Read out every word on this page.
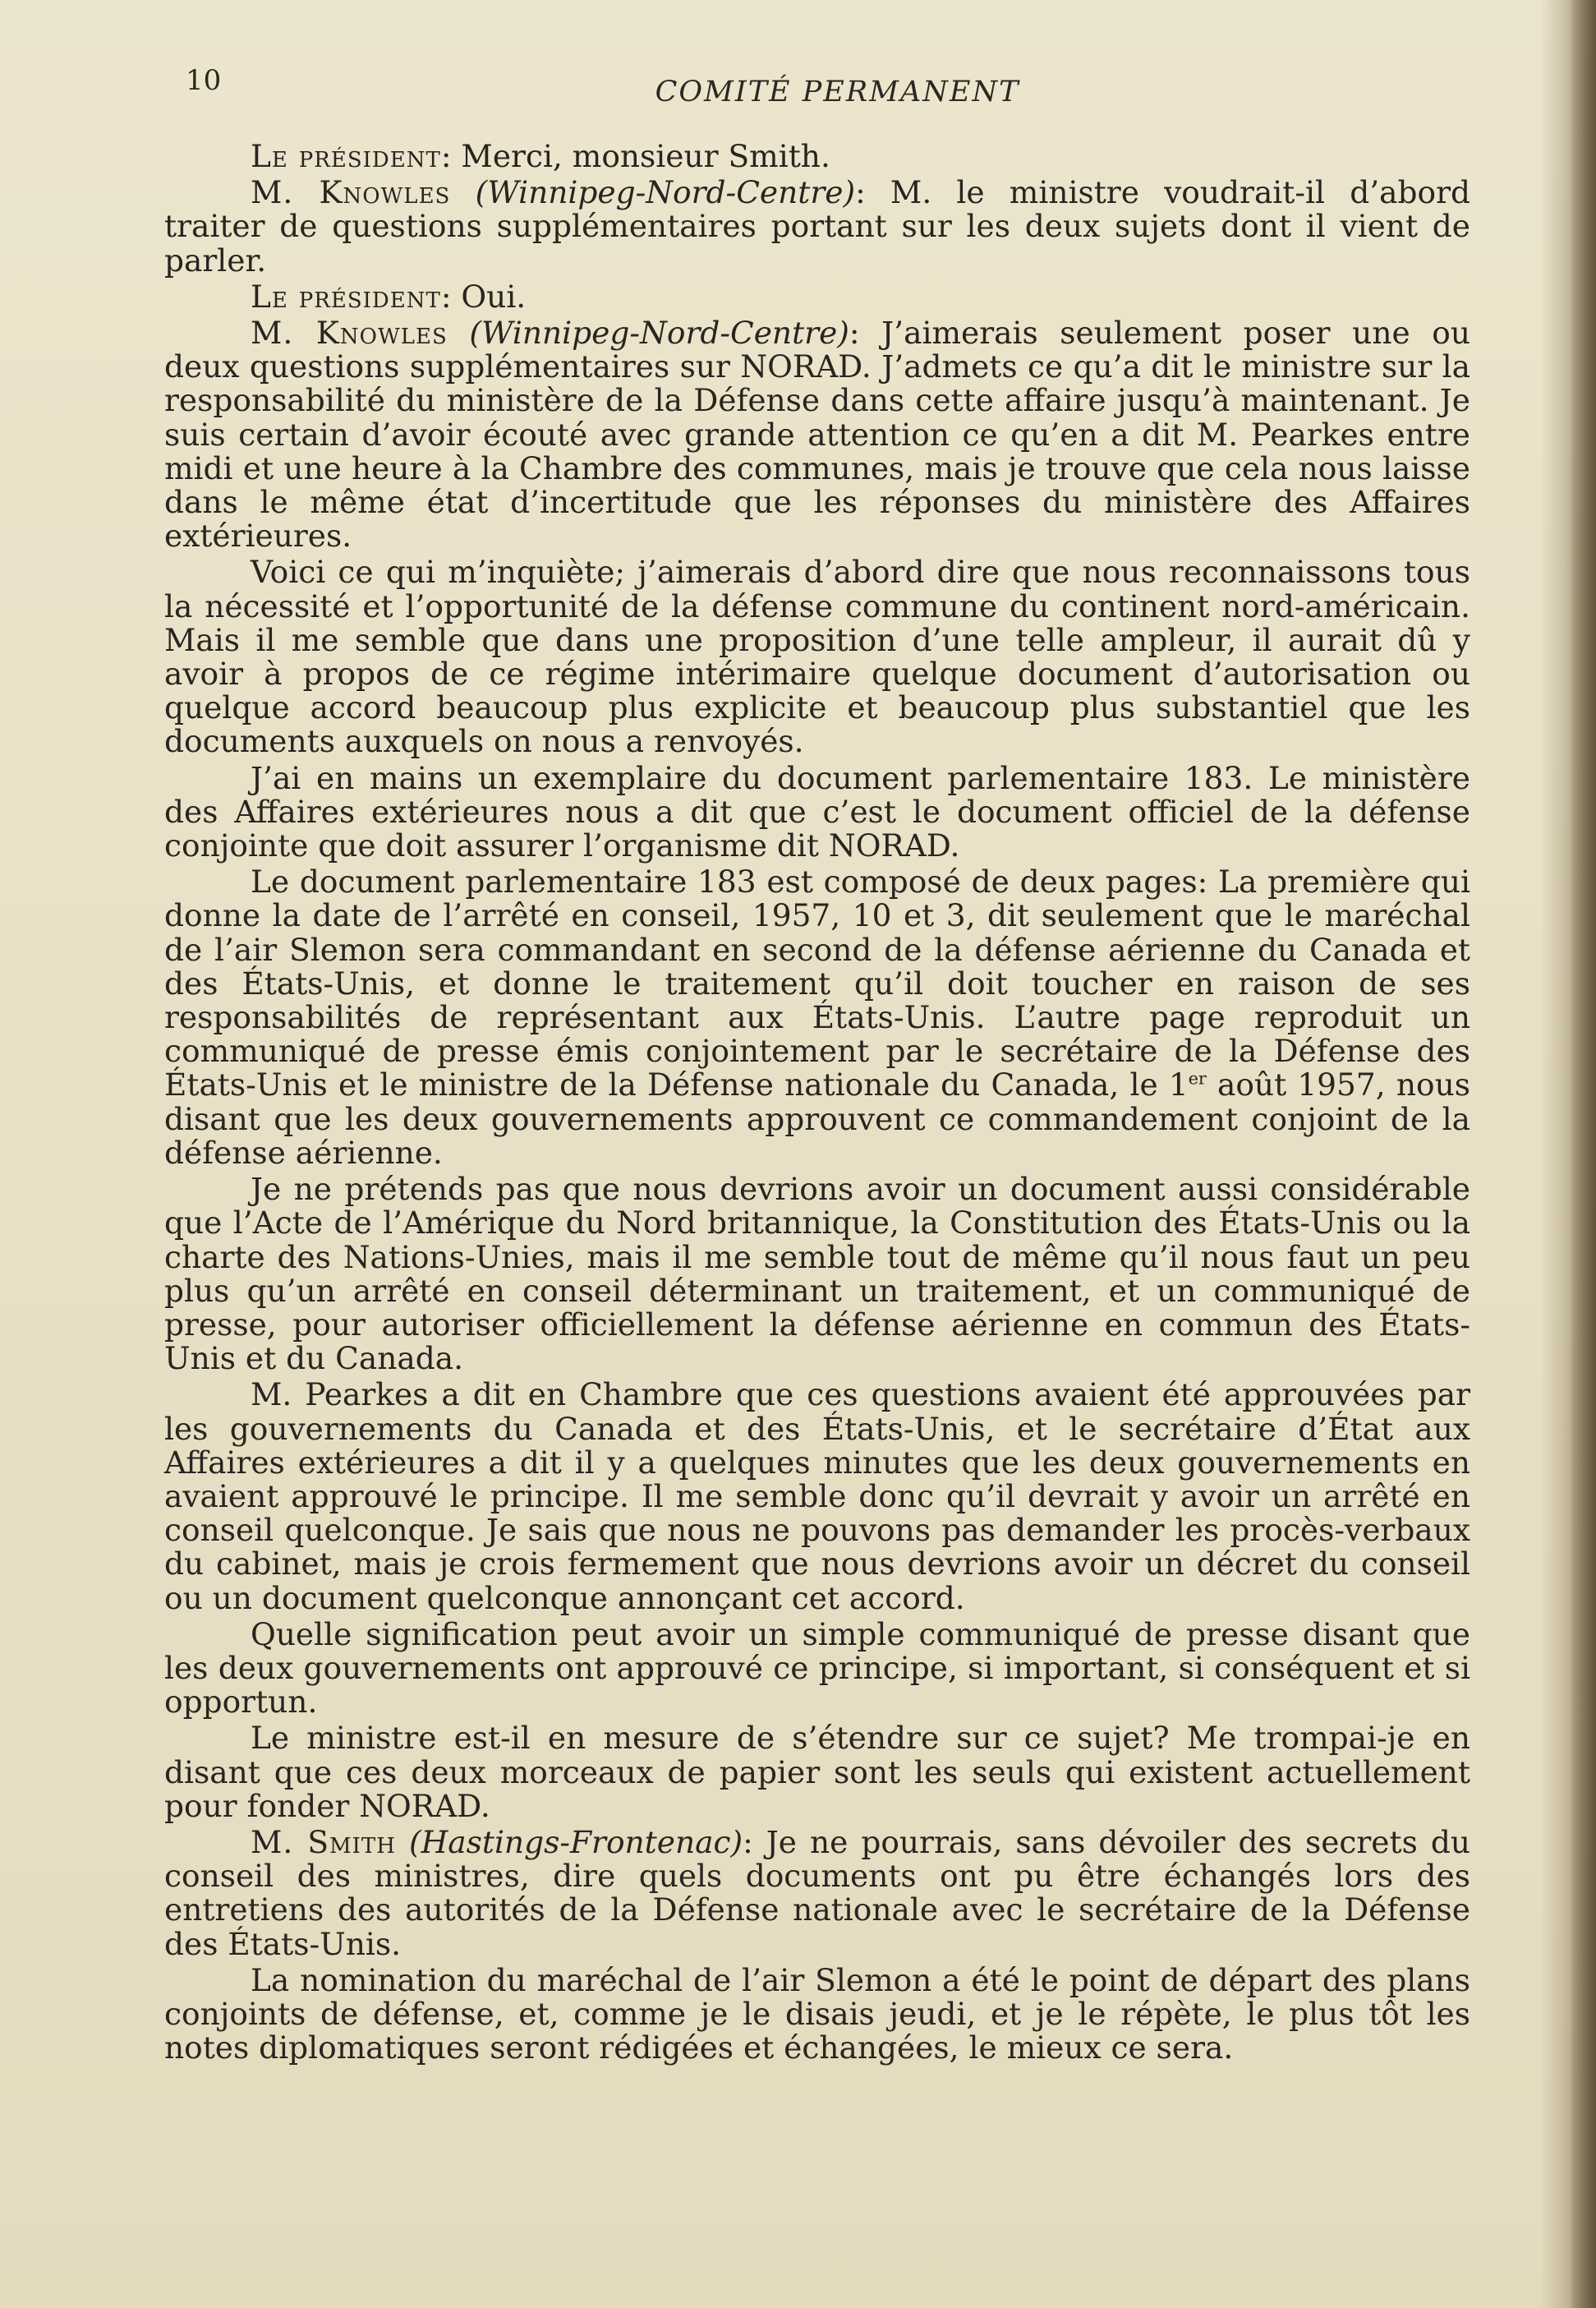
10	COMITÉ PERMANENT

Le président: Merci, monsieur Smith.

M. Knowles (Winnipeg-Nord-Centre): M. le ministre voudrait-il d’abord traiter de questions supplémentaires portant sur les deux sujets dont il vient de parler.

Le président: Oui.

M. Knowles (Winnipeg-Nord-Centre): J’aimerais seulement poser une ou deux questions supplémentaires sur NORAD. J’admets ce qu’a dit le ministre sur la responsabilité du ministère de la Défense dans cette affaire jusqu’à maintenant. Je suis certain d’avoir écouté avec grande attention ce qu’en a dit M. Pearkes entre midi et une heure à la Chambre des communes, mais je trouve que cela nous laisse dans le même état d’incertitude que les réponses du ministère des Affaires extérieures.

Voici ce qui m’inquiète; j’aimerais d’abord dire que nous reconnaissons tous la nécessité et l’opportunité de la défense commune du continent nord-américain. Mais il me semble que dans une proposition d’une telle ampleur, il aurait dû y avoir à propos de ce régime intérimaire quelque document d’autorisation ou quelque accord beaucoup plus explicite et beaucoup plus substantiel que les documents auxquels on nous a renvoyés.

J’ai en mains un exemplaire du document parlementaire 183. Le ministère des Affaires extérieures nous a dit que c’est le document officiel de la défense conjointe que doit assurer l’organisme dit NORAD.

Le document parlementaire 183 est composé de deux pages: La première qui donne la date de l’arrêté en conseil, 1957, 10 et 3, dit seulement que le maréchal de l’air Slemon sera commandant en second de la défense aérienne du Canada et des États-Unis, et donne le traitement qu’il doit toucher en raison de ses responsabilités de représentant aux États-Unis. L’autre page reproduit un communiqué de presse émis conjointement par le secrétaire de la Défense des États-Unis et le ministre de la Défense nationale du Canada, le 1er août 1957, nous disant que les deux gouvernements approuvent ce commandement conjoint de la défense aérienne.

Je ne prétends pas que nous devrions avoir un document aussi considérable que l’Acte de l’Amérique du Nord britannique, la Constitution des États-Unis ou la charte des Nations-Unies, mais il me semble tout de même qu’il nous faut un peu plus qu’un arrêté en conseil déterminant un traitement, et un communiqué de presse, pour autoriser officiellement la défense aérienne en commun des États-Unis et du Canada.

M. Pearkes a dit en Chambre que ces questions avaient été approuvées par les gouvernements du Canada et des États-Unis, et le secrétaire d’État aux Affaires extérieures a dit il y a quelques minutes que les deux gouvernements en avaient approuvé le principe. Il me semble donc qu’il devrait y avoir un arrêté en conseil quelconque. Je sais que nous ne pouvons pas demander les procès-verbaux du cabinet, mais je crois fermement que nous devrions avoir un décret du conseil ou un document quelconque annonçant cet accord.

Quelle signification peut avoir un simple communiqué de presse disant que les deux gouvernements ont approuvé ce principe, si important, si conséquent et si opportun.

Le ministre est-il en mesure de s’étendre sur ce sujet? Me trompai-je en disant que ces deux morceaux de papier sont les seuls qui existent actuellement pour fonder NORAD.

M. Smith (Hastings-Frontenac): Je ne pourrais, sans dévoiler des secrets du conseil des ministres, dire quels documents ont pu être échangés lors des entretiens des autorités de la Défense nationale avec le secrétaire de la Défense des États-Unis.

La nomination du maréchal de l’air Slemon a été le point de départ des plans conjoints de défense, et, comme je le disais jeudi, et je le répète, le plus tôt les notes diplomatiques seront rédigées et échangées, le mieux ce sera.
